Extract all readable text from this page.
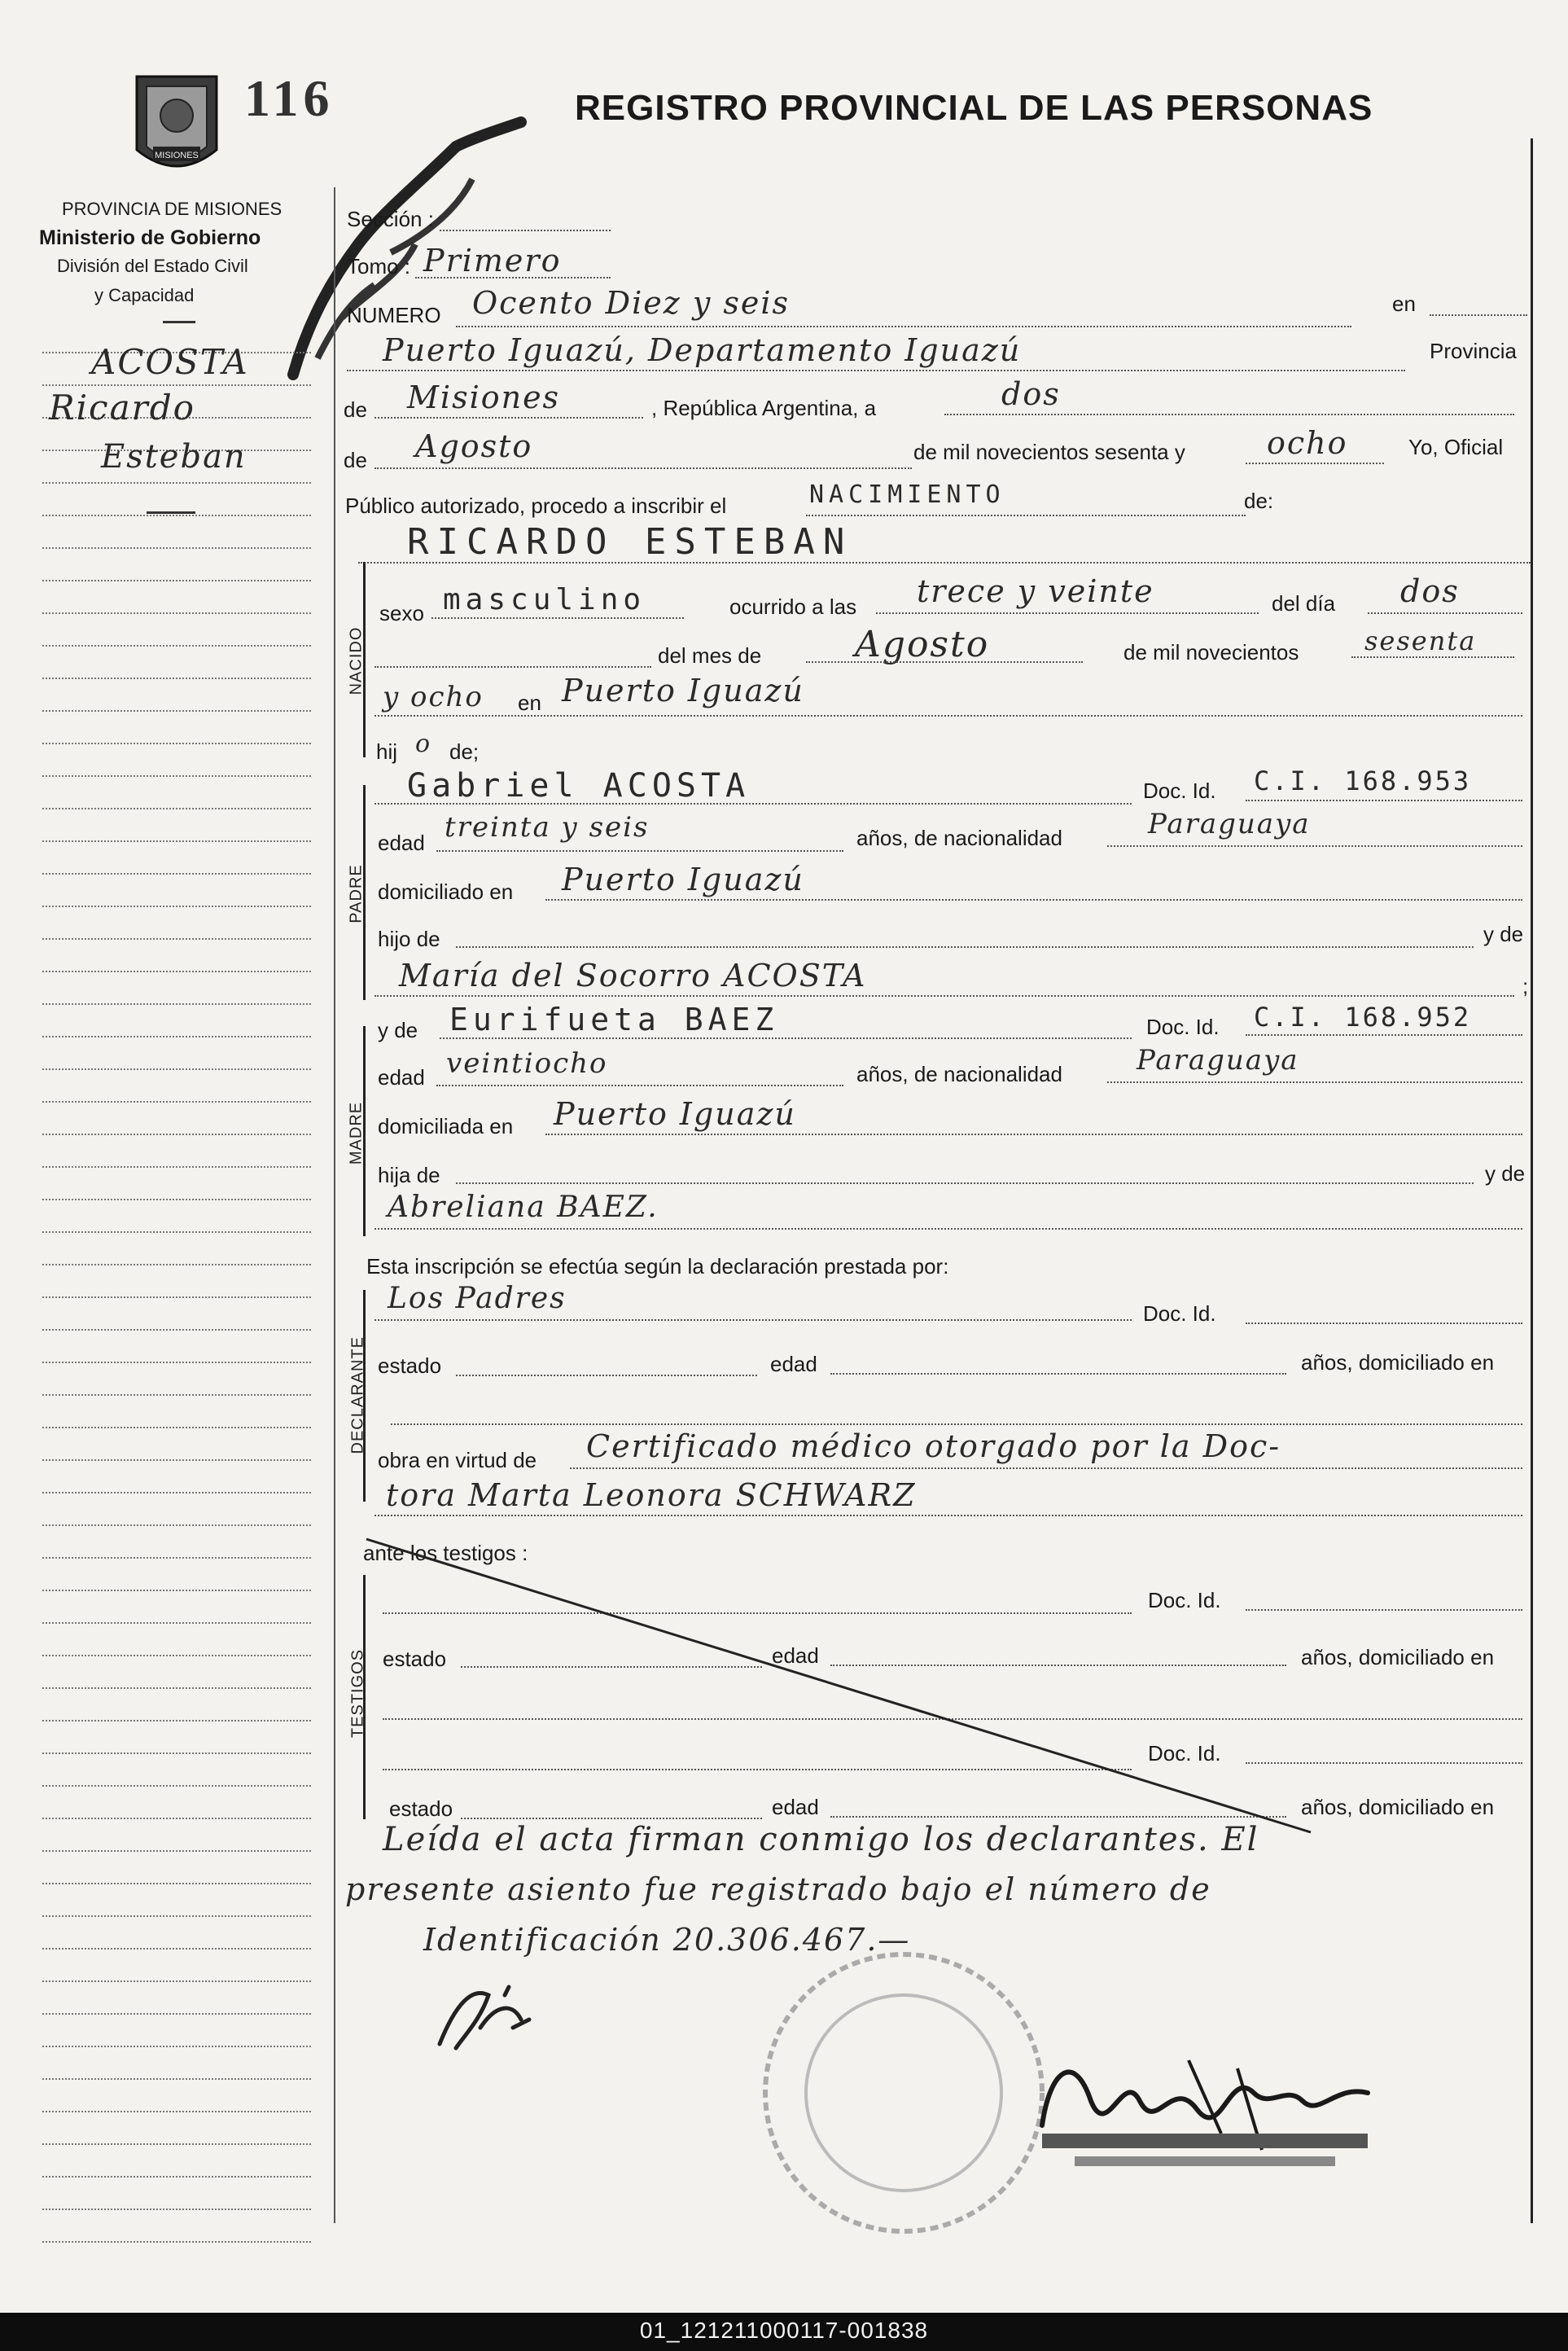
MISIONES
116	REGISTRO PROVINCIAL DE LAS PERSONAS
PROVINCIA DE MISIONES
Ministerio de Gobierno
División del Estado Civil
y Capacidad
ACOSTA
Ricardo
Esteban
Sección :
Tomo : Primero
NUMERO Ocento Diez y seis	en
Puerto Iguazú, Departamento Iguazú	Provincia
de Misiones	, República Argentina, a	dos
de Agosto	de mil novecientos sesenta y	ocho	Yo, Oficial
Público autorizado, procedo a inscribir el	NACIMIENTO	de:
RICARDO ESTEBAN
NACIDO
sexo masculino	ocurrido a las trece y veinte	del día dos
del mes de	Agosto	de mil novecientos	sesenta
y ocho en Puerto Iguazú
hij o de;
PADRE
Gabriel ACOSTA	Doc. Id. C.I. 168.953
edad treinta y seis	años, de nacionalidad	Paraguaya
domiciliado en Puerto Iguazú
hijo de	y de
María del Socorro ACOSTA	;
MADRE
y de Eurifueta BAEZ	Doc. Id. C.I. 168.952
edad veintiocho	años, de nacionalidad	Paraguaya
domiciliada en Puerto Iguazú
hija de	y de
Abreliana BAEZ.
Esta inscripción se efectúa según la declaración prestada por:
DECLARANTE
Los Padres	Doc. Id.
estado	edad	años, domiciliado en
obra en virtud de Certificado médico otorgado por la Doc-
tora Marta Leonora SCHWARZ
ante los testigos :
TESTIGOS
Doc. Id.
estado	edad	años, domiciliado en
Doc. Id.
estado	edad	años, domiciliado en
Leída el acta firman conmigo los declarantes. El
presente asiento fue registrado bajo el número de
Identificación 20.306.467.—
01_121211000117-001838
